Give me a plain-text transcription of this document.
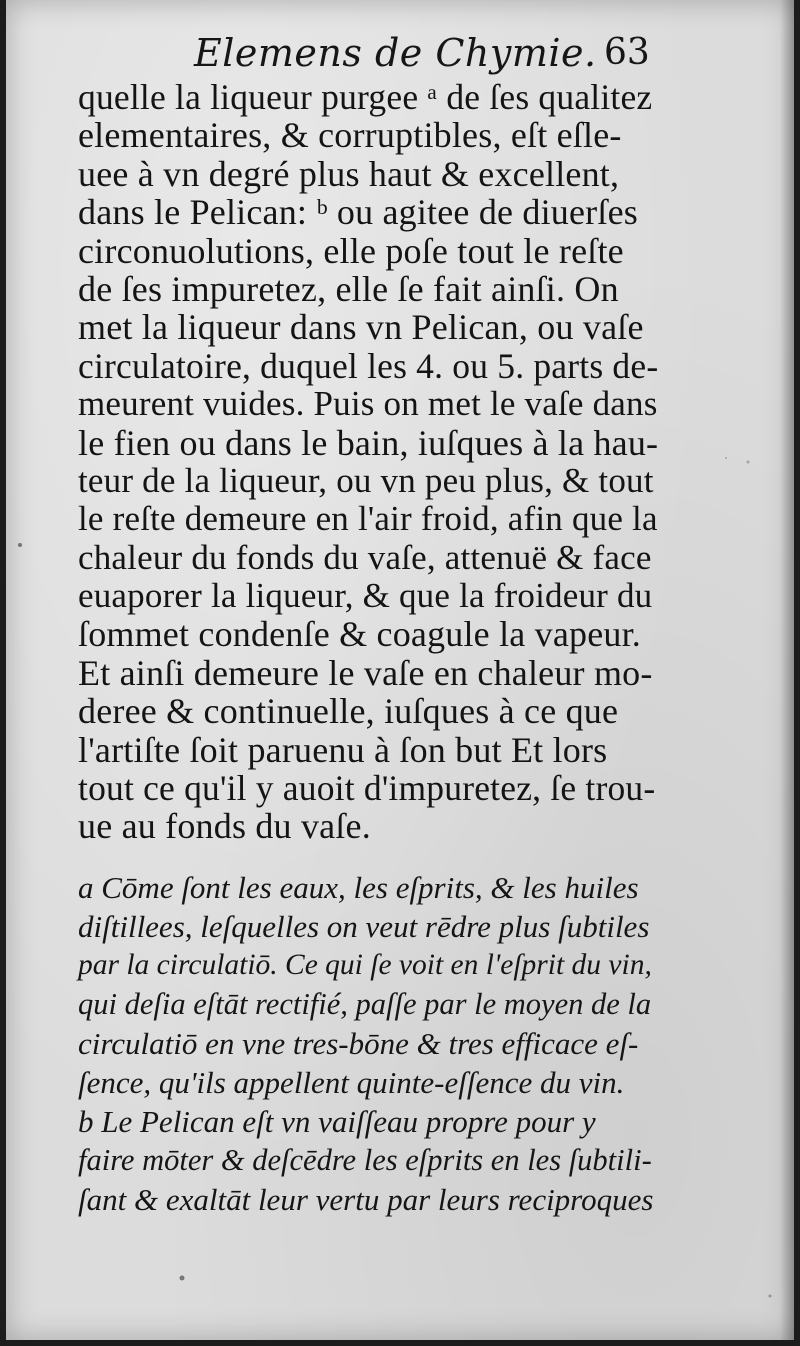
Elemens de Chymie. 63
quelle la liqueur purgee ᵃ de ſes qualitez
elementaires, & corruptibles, eſt eſle-
uee à vn degré plus haut & excellent,
dans le Pelican: ᵇ ou agitee de diuerſes
circonuolutions, elle poſe tout le reſte
de ſes impuretez, elle ſe fait ainſi. On
met la liqueur dans vn Pelican, ou vaſe
circulatoire, duquel les 4. ou 5. parts de-
meurent vuides. Puis on met le vaſe dans
le fien ou dans le bain, iuſques à la hau-
teur de la liqueur, ou vn peu plus, & tout
le reſte demeure en l'air froid, afin que la
chaleur du fonds du vaſe, attenuë & face
euaporer la liqueur, & que la froideur du
ſommet condenſe & coagule la vapeur.
Et ainſi demeure le vaſe en chaleur mo-
deree & continuelle, iuſques à ce que
l'artiſte ſoit paruenu à ſon but Et lors
tout ce qu'il y auoit d'impuretez, ſe trou-
ue au fonds du vaſe.
a Cōme ſont les eaux, les eſprits, & les huiles
diſtillees, leſquelles on veut rēdre plus ſubtiles
par la circulatiō. Ce qui ſe voit en l'eſprit du vin,
qui deſia eſtāt rectifié, paſſe par le moyen de la
circulatiō en vne tres-bōne & tres efficace eſ-
ſence, qu'ils appellent quinte-eſſence du vin.
b Le Pelican eſt vn vaiſſeau propre pour y
faire mōter & deſcēdre les eſprits en les ſubtili-
ſant & exaltāt leur vertu par leurs reciproques
